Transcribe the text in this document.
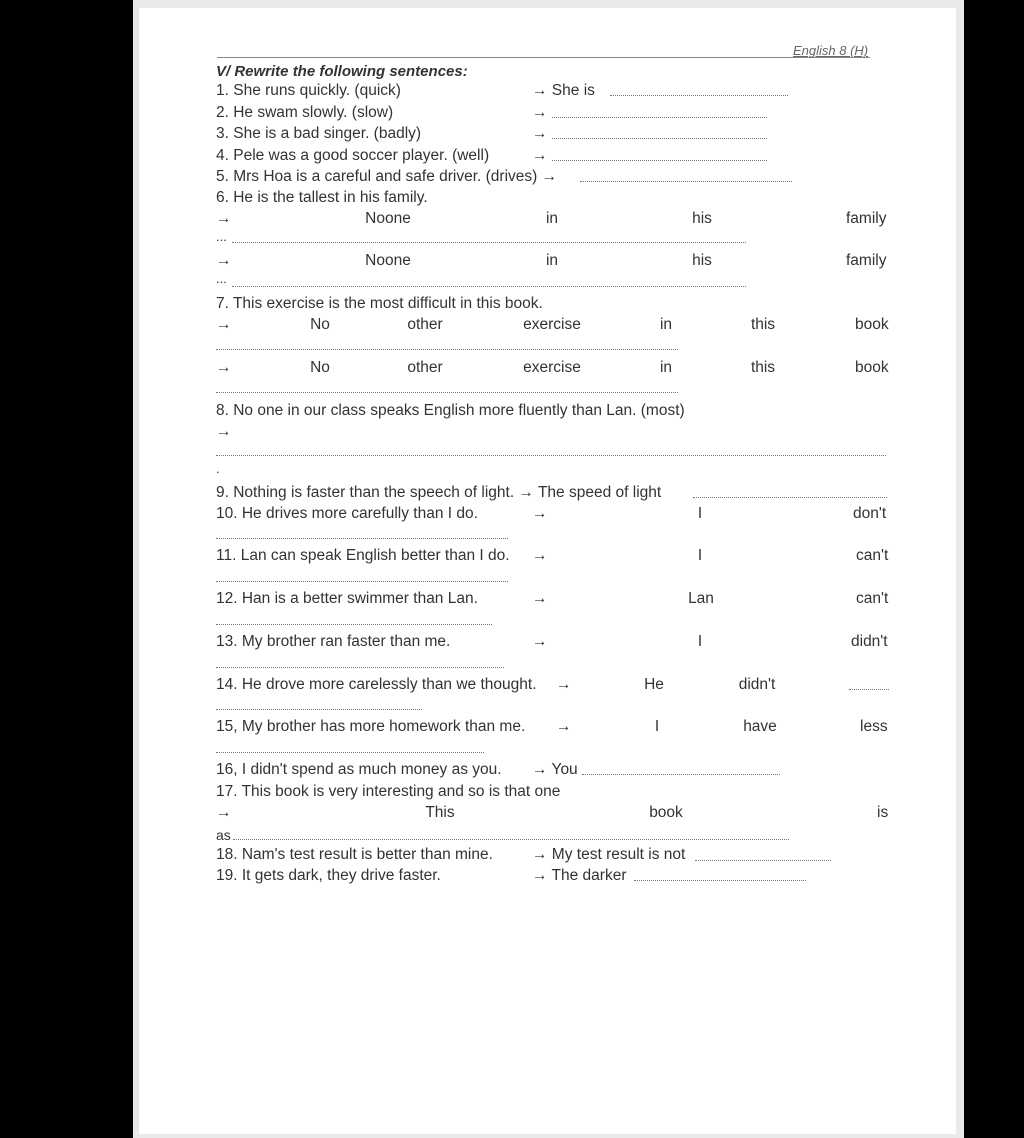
English 8 (H)
V/ Rewrite the following sentences:
1. She runs quickly. (quick)	→ She is
2. He swam slowly. (slow)	→
3. She is a bad singer. (badly)	→
4. Pele was a good soccer player. (well)	→
5. Mrs Hoa is a careful and safe driver. (drives) →
6. He is the tallest in his family.
→	Noone	in	his	family
...
→	Noone	in	his	family
...
7. This exercise is the most difficult in this book.
→	No	other	exercise	in	this	book
→	No	other	exercise	in	this	book
8. No one in our class speaks English more fluently than Lan. (most)
→
.
9. Nothing is faster than the speech of light. → The speed of light
10. He drives more carefully than I do.	→	I	don't
11. Lan can speak English better than I do. →	I	can't
12. Han is a better swimmer than Lan.	→	Lan	can't
13. My brother ran faster than me.	→	I	didn't
14. He drove more carelessly than we thought. →	He	didn't
15, My brother has more homework than me. →	I	have	less
16, I didn't spend as much money as you. → You
17. This book is very interesting and so is that one
→	This	book	is
as
18. Nam's test result is better than mine.	→ My test result is not
19. It gets dark, they drive faster.	→ The darker
